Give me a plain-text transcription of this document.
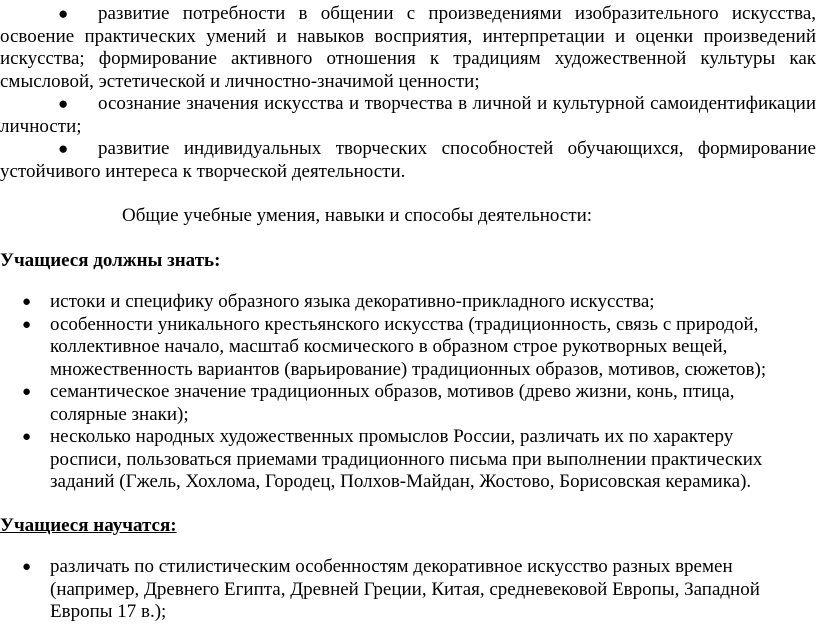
●	развитие потребности в общении с произведениями изобразительного искусства, освоение практических умений и навыков восприятия, интерпретации и оценки произведений искусства; формирование активного отношения к традициям художественной культуры как смысловой, эстетической и личностно-значимой ценности;

●	осознание значения искусства и творчества в личной и культурной самоидентификации личности;

●	развитие индивидуальных творческих способностей обучающихся, формирование устойчивого интереса к творческой деятельности.

Общие учебные умения, навыки и способы деятельности:

Учащиеся должны знать:

● истоки и специфику образного языка декоративно-прикладного искусства;
● особенности уникального крестьянского искусства (традиционность, связь с природой, коллективное начало, масштаб космического в образном строе рукотворных вещей, множественность вариантов (варьирование) традиционных образов, мотивов, сюжетов);
● семантическое значение традиционных образов, мотивов (древо жизни, конь, птица, солярные знаки);
● несколько народных художественных промыслов России, различать их по характеру росписи, пользоваться приемами традиционного письма при выполнении практических заданий (Гжель, Хохлома, Городец, Полхов-Майдан, Жостово, Борисовская керамика).

Учащиеся научатся:

● различать по стилистическим особенностям декоративное искусство разных времен (например, Древнего Египта, Древней Греции, Китая, средневековой Европы, Западной Европы 17 в.);
